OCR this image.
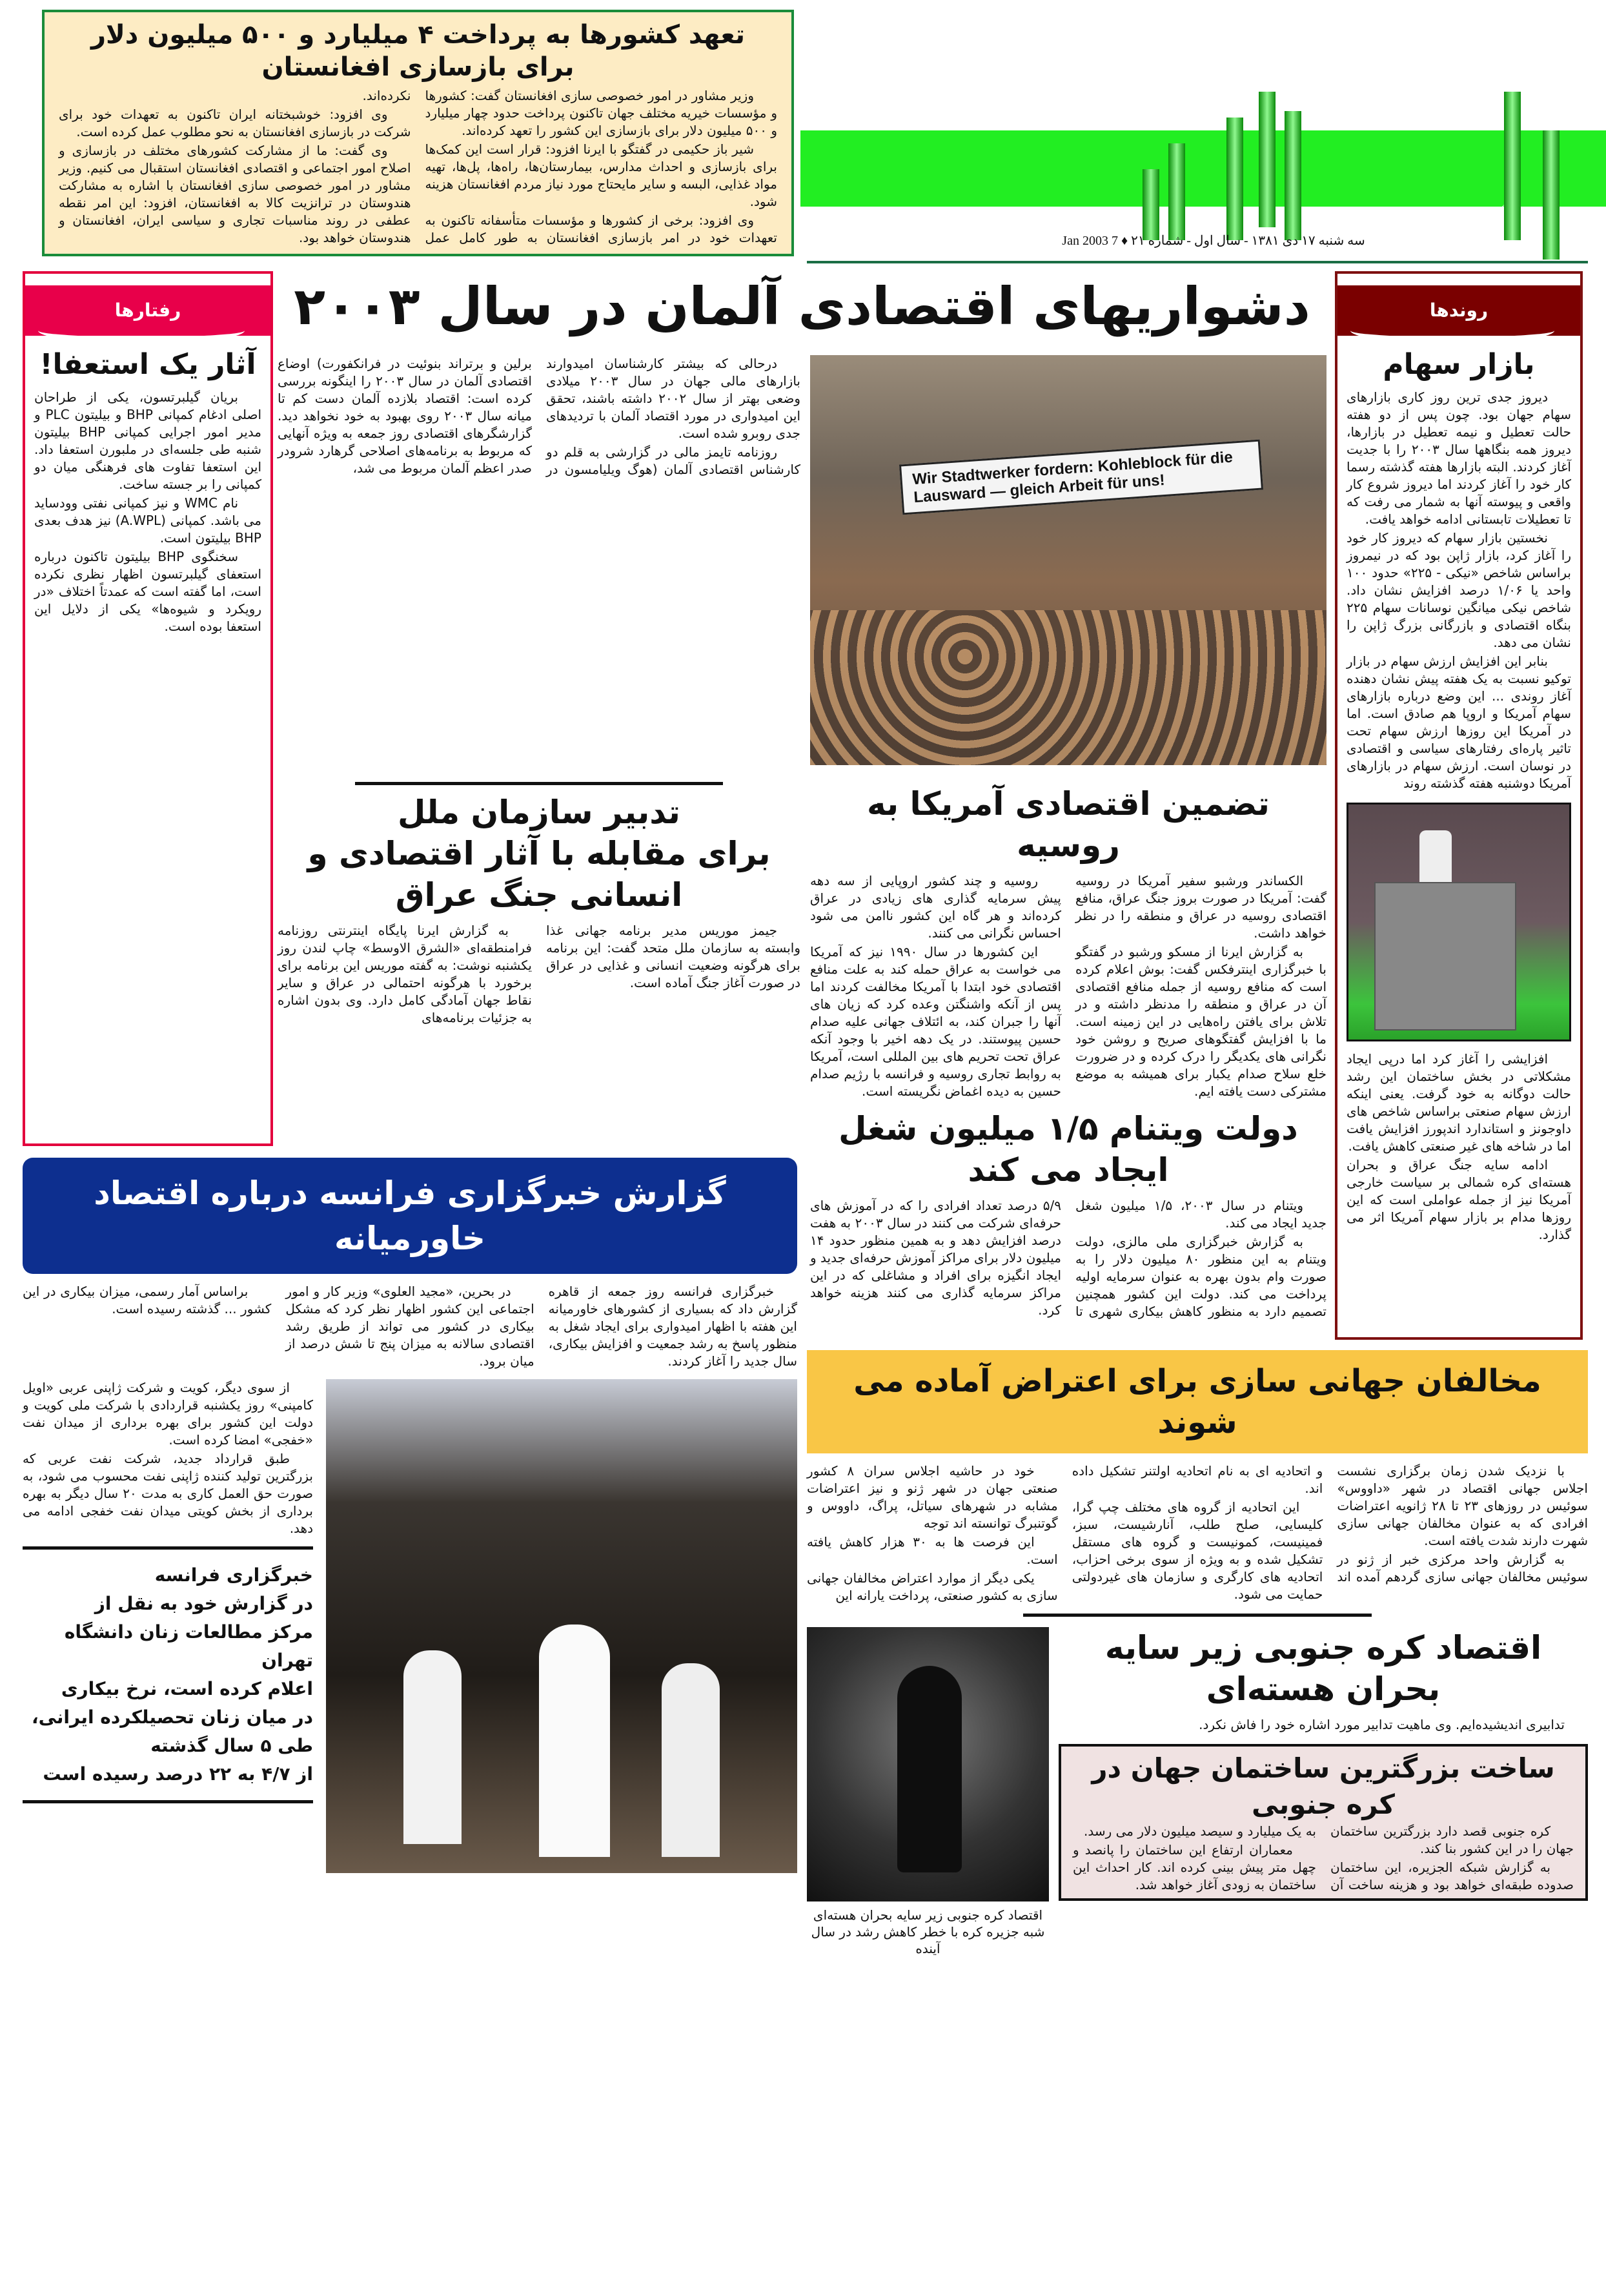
تعهد کشورها به پرداخت ۴ میلیارد و ۵۰۰ میلیون دلار برای بازسازی افغانستان

وزیر مشاور در امور خصوصی سازی افغانستان گفت: کشورها و مؤسسات خیریه مختلف جهان تاکنون پرداخت حدود چهار میلیارد و ۵۰۰ میلیون دلار برای بازسازی این کشور را تعهد کرده‌اند.

شیر باز حکیمی در گفتگو با ایرنا افزود: قرار است این کمک‌ها برای بازسازی و احداث مدارس، بیمارستان‌ها، راه‌ها، پل‌ها، تهیه مواد غذایی، البسه و سایر مایحتاج مورد نیاز مردم افغانستان هزینه شود.

وی افزود: برخی از کشورها و مؤسسات متأسفانه تاکنون به تعهدات خود در امر بازسازی افغانستان به طور کامل عمل نکرده‌اند.

وی افزود: خوشبختانه ایران تاکنون به تعهدات خود برای شرکت در بازسازی افغانستان به نحو مطلوب عمل کرده است.

وی گفت: ما از مشارکت کشورهای مختلف در بازسازی و اصلاح امور اجتماعی و اقتصادی افغانستان استقبال می کنیم. وزیر مشاور در امور خصوصی سازی افغانستان با اشاره به مشارکت هندوستان در ترانزیت کالا به افغانستان، افزود: این امر نقطه عطفی در روند مناسبات تجاری و سیاسی ایران، افغانستان و هندوستان خواهد بود.	سه شنبه ۱۷ دی ۱۳۸۱ - سال اول - شماره ۲۱ ♦ 7 Jan 2003
رفتارها
آثار یک استعفا!

بریان گیلبرتسون، یکی از طراحان اصلی ادغام کمپانی BHP و بیلیتون PLC و مدیر امور اجرایی کمپانی BHP بیلیتون شنبه طی جلسه‌ای در ملبورن استعفا داد. این استعفا تفاوت های فرهنگی میان دو کمپانی را بر جسته ساخت.

نام WMC و نیز کمپانی نفتی وودساید می باشد. کمپانی (A.WPL) نیز هدف بعدی BHP بیلیتون است.

سخنگوی BHP بیلیتون تاکنون درباره استعفای گیلبرتسون اظهار نظری نکرده است، اما گفته است که عمدتاً اختلاف «در رویکرد و شیوه‌ها» یکی از دلایل این استعفا بوده است.

روندها
بازار سهام

دیروز جدی ترین روز کاری بازارهای سهام جهان بود. چون پس از دو هفته حالت تعطیل و نیمه تعطیل در بازارها، دیروز همه بنگاهها سال ۲۰۰۳ را با جدیت آغاز کردند. البته بازارها هفته گذشته رسما کار خود را آغاز کردند اما دیروز شروع کار واقعی و پیوسته آنها به شمار می رفت که تا تعطیلات تابستانی ادامه خواهد یافت.

نخستین بازار سهام که دیروز کار خود را آغاز کرد، بازار ژاپن بود که در نیمروز براساس شاخص «نیکی - ۲۲۵» حدود ۱۰۰ واحد یا ۱/۰۶ درصد افزایش نشان داد. شاخص نیکی میانگین نوسانات سهام ۲۲۵ بنگاه اقتصادی و بازرگانی بزرگ ژاپن را نشان می دهد.

بنابر این افزایش ارزش سهام در بازار توکیو نسبت به یک هفته پیش نشان دهنده آغاز روندی ... این وضع درباره بازارهای سهام آمریکا و اروپا هم صادق است. اما در آمریکا این روزها ارزش سهام تحت تاثیر پاره‌ای رفتارهای سیاسی و اقتصادی در نوسان است. ارزش سهام در بازارهای آمریکا دوشنبه هفته گذشته روند

افزایشی را آغاز کرد اما درپی ایجاد مشکلاتی در بخش ساختمان این رشد حالت دوگانه به خود گرفت. یعنی اینکه ارزش سهام صنعتی براساس شاخص های داوجونز و استاندارد اندپورز افزایش یافت اما در شاخه های غیر صنعتی کاهش یافت.

ادامه سایه جنگ عراق و بحران هسته‌ای کره شمالی بر سیاست خارجی آمریکا نیز از جمله عواملی است که این روزها مدام بر بازار سهام آمریکا اثر می گذارد.

دشواریهای اقتصادی آلمان در سال ۲۰۰۳
Wir Stadtwerker fordern: Kohleblock für die Lausward — gleich Arbeit für uns!

درحالی که بیشتر کارشناسان امیدوارند بازارهای مالی جهان در سال ۲۰۰۳ میلادی وضعی بهتر از سال ۲۰۰۲ داشته باشند، تحقق این امیدواری در مورد اقتصاد آلمان با تردیدهای جدی روبرو شده است.

روزنامه تایمز مالی در گزارشی به قلم دو کارشناس اقتصادی آلمان (هوگ ویلیامسون در برلین و برتراند بنوئیت در فرانکفورت) اوضاع اقتصادی آلمان در سال ۲۰۰۳ را اینگونه بررسی کرده است: اقتصاد بلازده آلمان دست کم تا میانه سال ۲۰۰۳ روی بهبود به خود نخواهد دید. گزارشگرهای اقتصادی روز جمعه به ویژه آنهایی که مربوط به برنامه‌های اصلاحی گرهارد شرودر صدر اعظم آلمان مربوط می شد،

تضمین اقتصادی آمریکا به روسیه

الکساندر ورشبو سفیر آمریکا در روسیه گفت: آمریکا در صورت بروز جنگ عراق، منافع اقتصادی روسیه در عراق و منطقه را در نظر خواهد داشت.

به گزارش ایرنا از مسکو ورشبو در گفتگو با خبرگزاری اینترفکس گفت: بوش اعلام کرده است که منافع روسیه از جمله منافع اقتصادی آن در عراق و منطقه را مدنظر داشته و در تلاش برای یافتن راه‌هایی در این زمینه است. ما با افزایش گفتگوهای صریح و روشن خود نگرانی های یکدیگر را درک کرده و در ضرورت خلع سلاح صدام یکبار برای همیشه به موضع مشترکی دست یافته ایم.

روسیه و چند کشور اروپایی از سه دهه پیش سرمایه گذاری های زیادی در عراق کرده‌اند و هر گاه این کشور ناامن می شود احساس نگرانی می کنند.

این کشورها در سال ۱۹۹۰ نیز که آمریکا می خواست به عراق حمله کند به علت منافع اقتصادی خود ابتدا با آمریکا مخالفت کردند اما پس از آنکه واشنگتن وعده کرد که زیان های آنها را جبران کند، به ائتلاف جهانی علیه صدام حسین پیوستند. در یک دهه اخیر با وجود آنکه عراق تحت تحریم های بین المللی است، آمریکا به روابط تجاری روسیه و فرانسه با رژیم صدام حسین به دیده اغماض نگریسته است.

دولت ویتنام ۱/۵ میلیون شغل ایجاد می کند

ویتنام در سال ۲۰۰۳، ۱/۵ میلیون شغل جدید ایجاد می کند.

به گزارش خبرگزاری ملی مالزی، دولت ویتنام به این منظور ۸۰ میلیون دلار را به صورت وام بدون بهره به عنوان سرمایه اولیه پرداخت می کند. دولت این کشور همچنین تصمیم دارد به منظور کاهش بیکاری شهری تا ۵/۹ درصد تعداد افرادی را که در آموزش های حرفه‌ای شرکت می کنند در سال ۲۰۰۳ به هفت درصد افزایش دهد و به همین منظور حدود ۱۴ میلیون دلار برای مراکز آموزش حرفه‌ای جدید و ایجاد انگیزه برای افراد و مشاغلی که در این مراکز سرمایه گذاری می کنند هزینه خواهد کرد.

تدبیر سازمان ملل
برای مقابله با آثار اقتصادی و انسانی جنگ عراق

جیمز موریس مدیر برنامه جهانی غذا وابسته به سازمان ملل متحد گفت: این برنامه برای هرگونه وضعیت انسانی و غذایی در عراق در صورت آغاز جنگ آماده است.

به گزارش ایرنا پایگاه اینترنتی روزنامه فرامنطقه‌ای «الشرق الاوسط» چاپ لندن روز یکشنبه نوشت: به گفته موریس این برنامه برای برخورد با هرگونه احتمالی در عراق و سایر نقاط جهان آمادگی کامل دارد. وی بدون اشاره به جزئیات برنامه‌های

گزارش خبرگزاری فرانسه درباره اقتصاد خاورمیانه

خبرگزاری فرانسه روز جمعه از قاهره گزارش داد که بسیاری از کشورهای خاورمیانه این هفته با اظهار امیدواری برای ایجاد شغل به منظور پاسخ به رشد جمعیت و افزایش بیکاری، سال جدید را آغاز کردند.

در بحرین، «مجید العلوی» وزیر کار و امور اجتماعی این کشور اظهار نظر کرد که مشکل بیکاری در کشور می تواند از طریق رشد اقتصادی سالانه به میزان پنج تا شش درصد از میان برود.

براساس آمار رسمی، میزان بیکاری در این کشور ... گذشته رسیده است.

از سوی دیگر، کویت و شرکت ژاپنی عربی «اویل کامپنی» روز یکشنبه قراردادی با شرکت ملی کویت و دولت این کشور برای بهره برداری از میدان نفت «خفجی» امضا کرده است.

طبق قرارداد جدید، شرکت نفت عربی که بزرگترین تولید کننده ژاپنی نفت محسوب می شود، به صورت حق العمل کاری به مدت ۲۰ سال دیگر به بهره برداری از بخش کویتی میدان نفت خفجی ادامه می دهد.

خبرگزاری فرانسه
در گزارش خود به نقل از
مرکز مطالعات زنان دانشگاه تهران
اعلام کرده است، نرخ بیکاری
در میان زنان تحصیلکرده ایرانی،
طی ۵ سال گذشته
از ۴/۷ به ۲۲ درصد رسیده است
مخالفان جهانی سازی برای اعتراض آماده می شوند

با نزدیک شدن زمان برگزاری نشست اجلاس جهانی اقتصاد در شهر «داووس» سوئیس در روزهای ۲۳ تا ۲۸ ژانویه اعتراضات افرادی که به عنوان مخالفان جهانی سازی شهرت دارند شدت یافته است.

به گزارش واحد مرکزی خبر از ژنو در سوئیس مخالفان جهانی سازی گردهم آمده اند و اتحادیه ای به نام اتحادیه اولتنر تشکیل داده اند.

این اتحادیه از گروه های مختلف چپ گرا، کلیسایی، صلح طلب، آنارشیست، سبز، فمینیست، کمونیست و گروه های مستقل تشکیل شده و به ویژه از سوی برخی احزاب، اتحادیه های کارگری و سازمان های غیردولتی حمایت می شود.

خود در حاشیه اجلاس سران ۸ کشور صنعتی جهان در شهر ژنو و نیز اعتراضات مشابه در شهرهای سیاتل، پراگ، داووس و گوتنبرگ توانسته اند توجه

این فرصت ها به ۳۰ هزار کاهش یافته است.

یکی دیگر از موارد اعتراض مخالفان جهانی سازی به کشور صنعتی، پرداخت یارانه این

اقتصاد کره جنوبی زیر سایه بحران هسته‌ای

تدابیری اندیشیده‌ایم. وی ماهیت تدابیر مورد اشاره خود را فاش نکرد.

ساخت بزرگترین ساختمان جهان در کره جنوبی

کره جنوبی قصد دارد بزرگترین ساختمان جهان را در این کشور بنا کند.

به گزارش شبکه الجزیره، این ساختمان صدوده طبقه‌ای خواهد بود و هزینه ساخت آن به یک میلیارد و سیصد میلیون دلار می رسد.

معماران ارتفاع این ساختمان را پانصد و چهل متر پیش بینی کرده اند. کار احداث این ساختمان به زودی آغاز خواهد شد.

اقتصاد کره جنوبی زیر سایه بحران هسته‌ای شبه جزیره کره با خطر کاهش رشد در سال آینده
